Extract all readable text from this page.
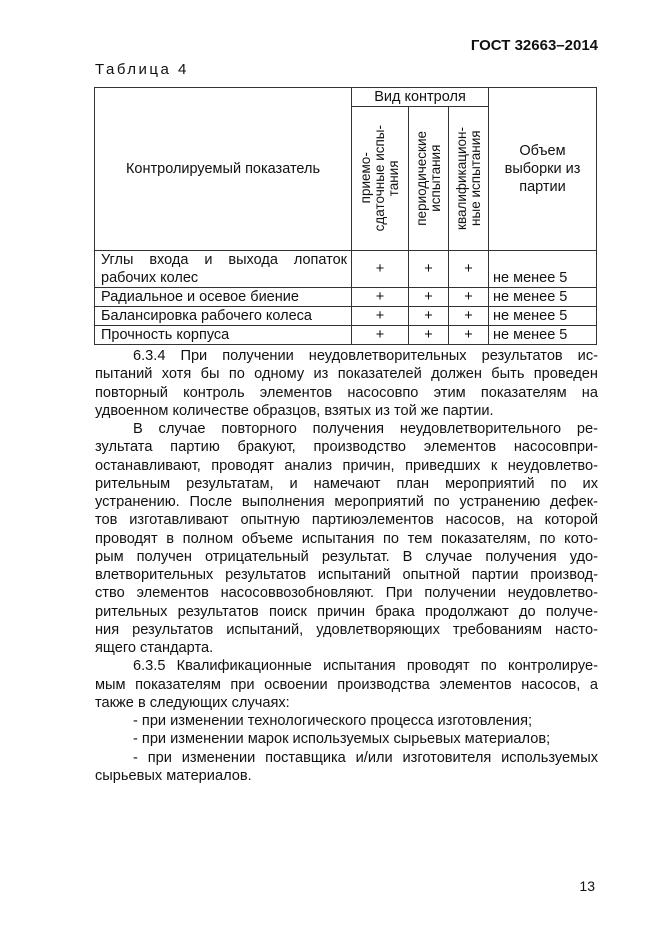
ГОСТ 32663–2014
Таблица 4
Контролируемый показатель	Вид контроля			Объем
выборки из
партии

	приемо-
сдаточные испы-
тания	периодические
испытания	квалификацион-
ные испытания	

Углы входа и выхода лопаток
рабочих колес	+	+	+	не менее 5
Радиальное и осевое биение	+	+	+	не менее 5
Балансировка рабочего колеса	+	+	+	не менее 5
Прочность корпуса	+	+	+	не менее 5
6.3.4 При получении неудовлетворительных результатов ис-
пытаний хотя бы по одному из показателей должен быть проведен
повторный контроль элементов насосовпо этим показателям на
удвоенном количестве образцов, взятых из той же партии.
В случае повторного получения неудовлетворительного ре-
зультата партию бракуют, производство элементов насосовпри-
останавливают, проводят анализ причин, приведших к неудовлетво-
рительным результатам, и намечают план мероприятий по их
устранению. После выполнения мероприятий по устранению дефек-
тов изготавливают опытную партиюэлементов насосов, на которой
проводят в полном объеме испытания по тем показателям, по кото-
рым получен отрицательный результат. В случае получения удо-
влетворительных результатов испытаний опытной партии производ-
ство элементов насосоввозобновляют. При получении неудовлетво-
рительных результатов поиск причин брака продолжают до получе-
ния результатов испытаний, удовлетворяющих требованиям насто-
ящего стандарта.
6.3.5 Квалификационные испытания проводят по контролируе-
мым показателям при освоении производства элементов насосов, а
также в следующих случаях:
- при изменении технологического процесса изготовления;
- при изменении марок используемых сырьевых материалов;
- при изменении поставщика и/или изготовителя используемых
сырьевых материалов.
13
